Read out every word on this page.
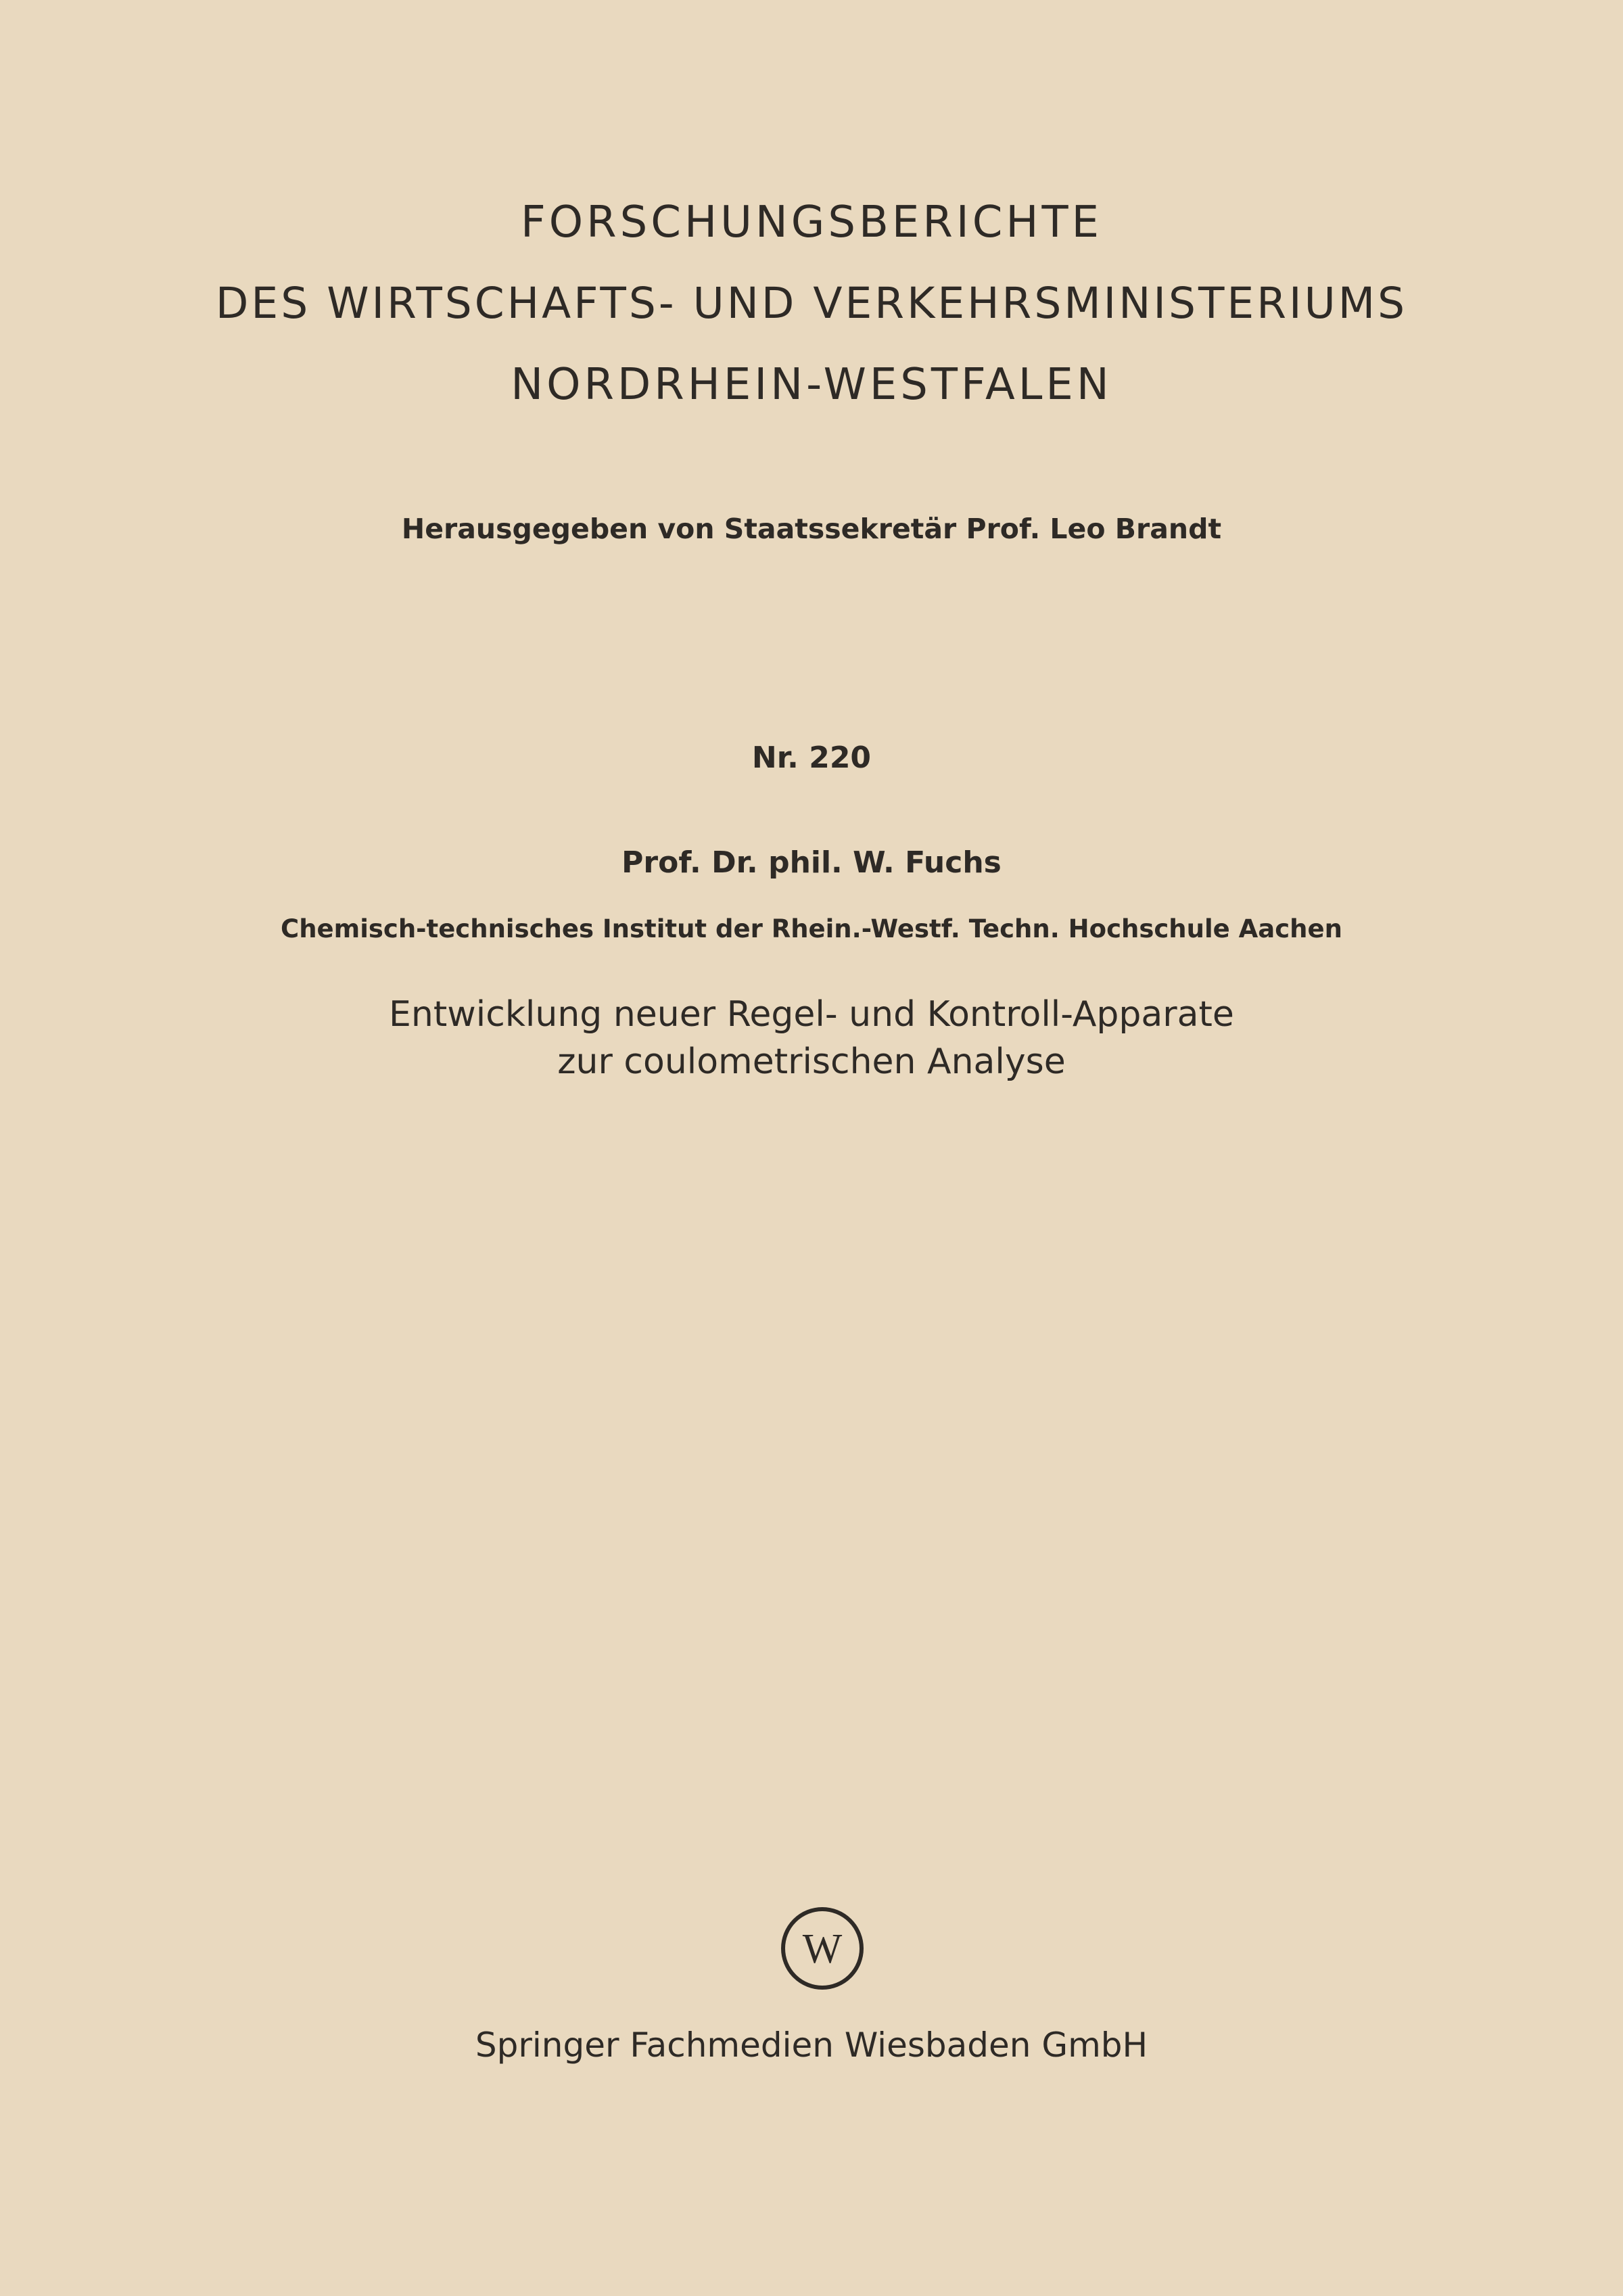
FORSCHUNGSBERICHTE
DES WIRTSCHAFTS- UND VERKEHRSMINISTERIUMS
NORDRHEIN-WESTFALEN
Herausgegeben von Staatssekretär Prof. Leo Brandt
Nr. 220
Prof. Dr. phil. W. Fuchs
Chemisch-technisches Institut der Rhein.-Westf. Techn. Hochschule Aachen
Entwicklung neuer Regel- und Kontroll-Apparate
zur coulometrischen Analyse
W
Springer Fachmedien Wiesbaden GmbH
